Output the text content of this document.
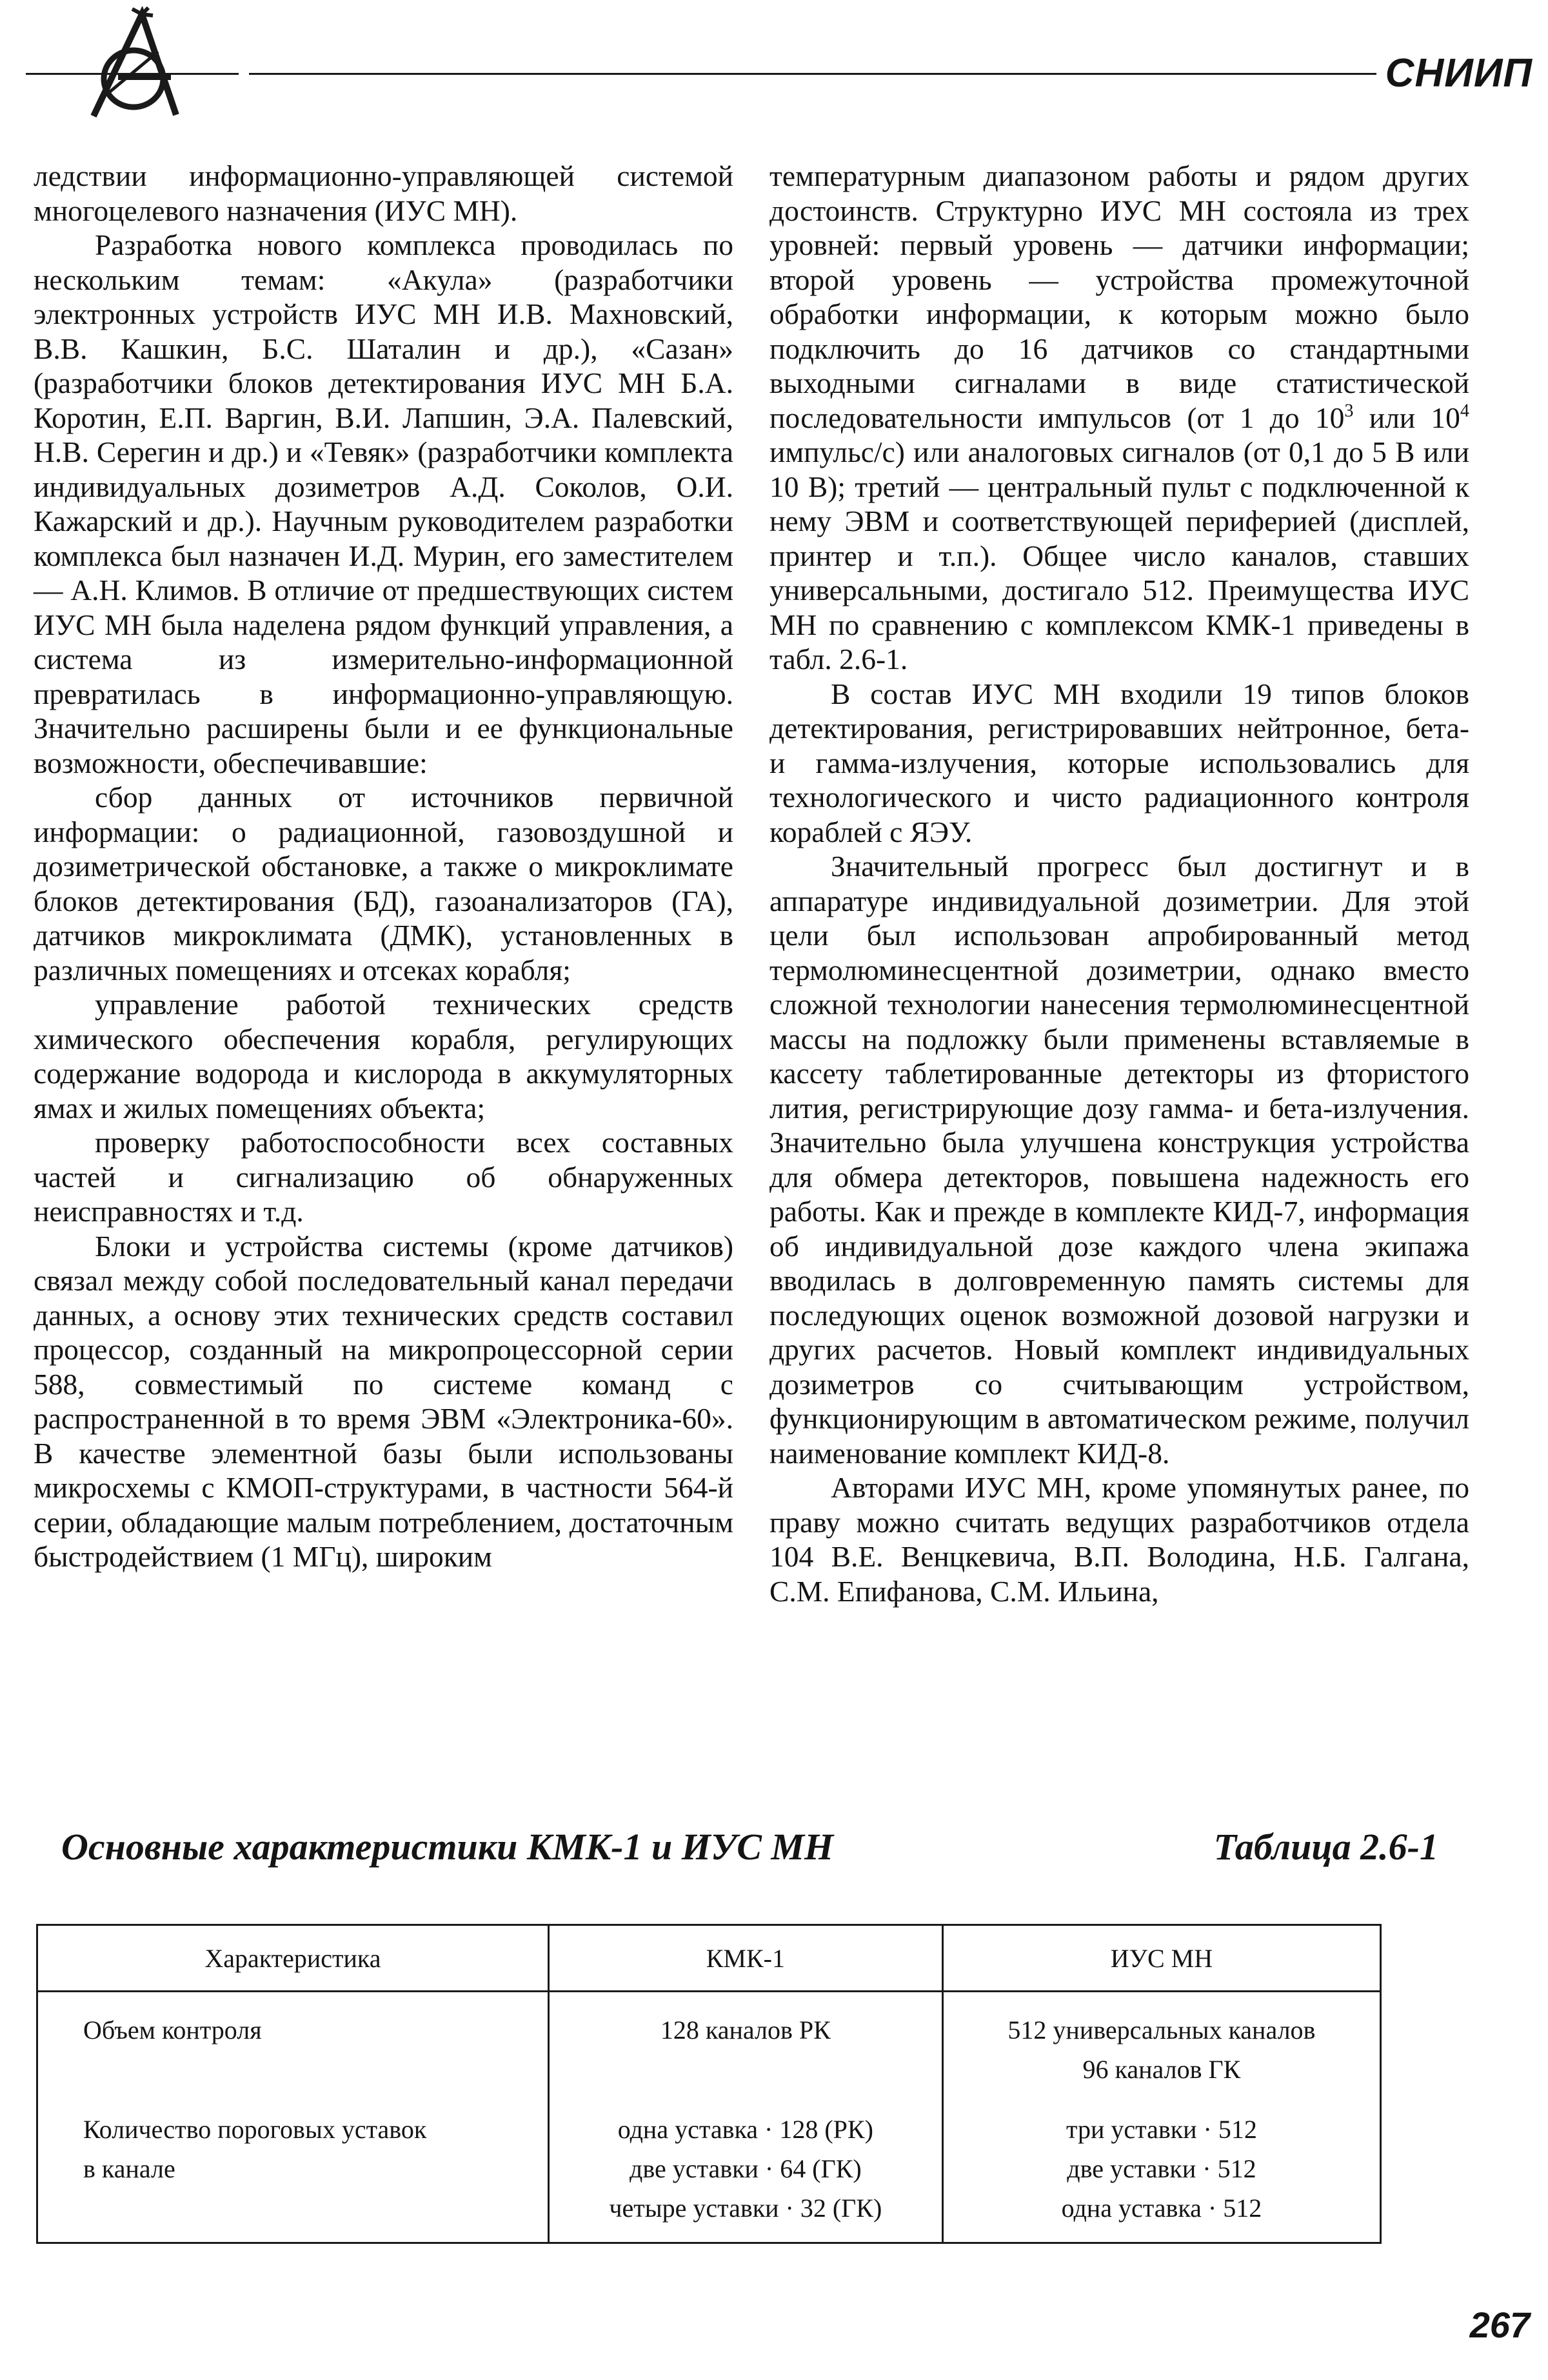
СНИИП

ледствии информационно-управляющей системой многоцелевого назначения (ИУС МН).

Разработка нового комплекса проводилась по нескольким темам: «Акула» (разработчики электронных устройств ИУС МН И.В. Махновский, В.В. Кашкин, Б.С. Шаталин и др.), «Сазан» (разработчики блоков детектирования ИУС МН Б.А. Коротин, Е.П. Варгин, В.И. Лапшин, Э.А. Палевский, Н.В. Серегин и др.) и «Тевяк» (разработчики комплекта индивидуальных дозиметров А.Д. Соколов, О.И. Кажарский и др.). Научным руководителем разработки комплекса был назначен И.Д. Мурин, его заместителем — А.Н. Климов. В отличие от предшествующих систем ИУС МН была наделена рядом функций управления, а система из измерительно-информационной превратилась в информационно-управляющую. Значительно расширены были и ее функциональные возможности, обеспечивавшие:

сбор данных от источников первичной информации: о радиационной, газовоздушной и дозиметрической обстановке, а также о микроклимате блоков детектирования (БД), газоанализаторов (ГА), датчиков микроклимата (ДМК), установленных в различных помещениях и отсеках корабля;

управление работой технических средств химического обеспечения корабля, регулирующих содержание водорода и кислорода в аккумуляторных ямах и жилых помещениях объекта;

проверку работоспособности всех составных частей и сигнализацию об обнаруженных неисправностях и т.д.

Блоки и устройства системы (кроме датчиков) связал между собой последовательный канал передачи данных, а основу этих технических средств составил процессор, созданный на микропроцессорной серии 588, совместимый по системе команд с распространенной в то время ЭВМ «Электроника-60». В качестве элементной базы были использованы микросхемы с КМОП-структурами, в частности 564-й серии, обладающие малым потреблением, достаточным быстродействием (1 МГц), широким

температурным диапазоном работы и рядом других достоинств. Структурно ИУС МН состояла из трех уровней: первый уровень — датчики информации; второй уровень — устройства промежуточной обработки информации, к которым можно было подключить до 16 датчиков со стандартными выходными сигналами в виде статистической последовательности импульсов (от 1 до $10^3$ или $10^4$ импульс/с) или аналоговых сигналов (от 0,1 до 5 В или 10 В); третий — центральный пульт с подключенной к нему ЭВМ и соответствующей периферией (дисплей, принтер и т.п.). Общее число каналов, ставших универсальными, достигало 512. Преимущества ИУС МН по сравнению с комплексом КМК-1 приведены в табл. 2.6-1.

В состав ИУС МН входили 19 типов блоков детектирования, регистрировавших нейтронное, бета- и гамма-излучения, которые использовались для технологического и чисто радиационного контроля кораблей с ЯЭУ.

Значительный прогресс был достигнут и в аппаратуре индивидуальной дозиметрии. Для этой цели был использован апробированный метод термолюминесцентной дозиметрии, однако вместо сложной технологии нанесения термолюминесцентной массы на подложку были применены вставляемые в кассету таблетированные детекторы из фтористого лития, регистрирующие дозу гамма- и бета-излучения. Значительно была улучшена конструкция устройства для обмера детекторов, повышена надежность его работы. Как и прежде в комплекте КИД-7, информация об индивидуальной дозе каждого члена экипажа вводилась в долговременную память системы для последующих оценок возможной дозовой нагрузки и других расчетов. Новый комплект индивидуальных дозиметров со считывающим устройством, функционирующим в автоматическом режиме, получил наименование комплект КИД-8.

Авторами ИУС МН, кроме упомянутых ранее, по праву можно считать ведущих разработчиков отдела 104 В.Е. Венцкевича, В.П. Володина, Н.Б. Галгана, С.М. Епифанова, С.М. Ильина,

Основные характеристики КМК-1 и ИУС МН	Таблица 2.6-1
Характеристика	КМК-1	ИУС МН

Объем контроля	128 каналов РК	512 универсальных каналов
96 каналов ГК

Количество пороговых уставок
в канале	одна уставка · 128 (РК)
две уставки · 64 (ГК)
четыре уставки · 32 (ГК)	три уставки · 512
две уставки · 512
одна уставка · 512
267
